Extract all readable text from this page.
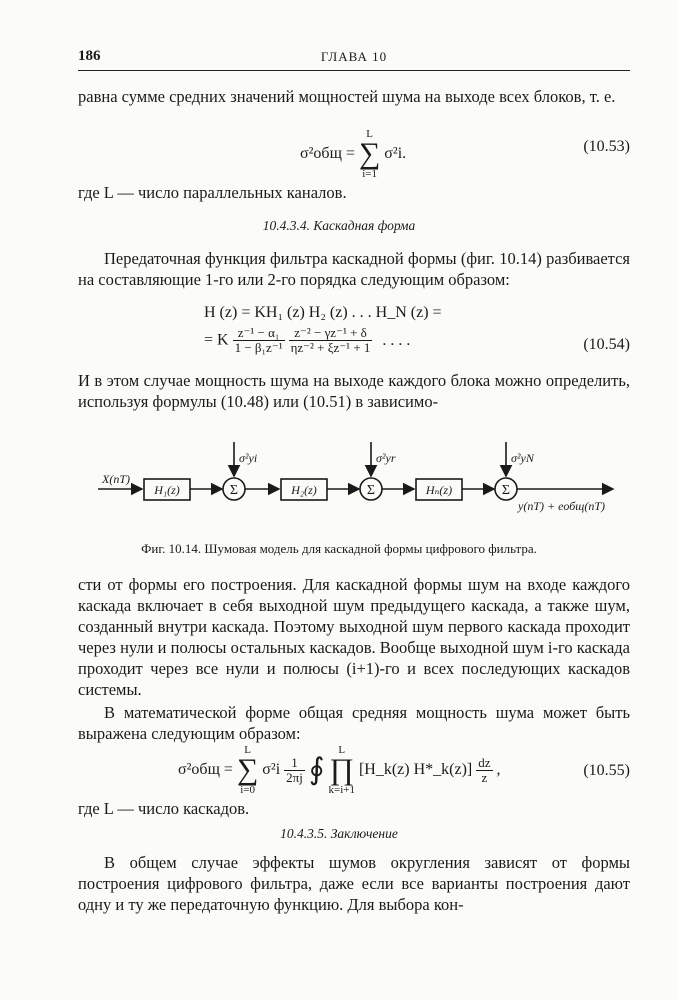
186	ГЛАВА 10

равна сумме средних значений мощностей шума на выходе всех блоков, т. е.

σ²общ =
L
∑
i=1
σ²i.	(10.53)

где L — число параллельных каналов.

10.4.3.4. Каскадная форма

Передаточная функция фильтра каскадной формы (фиг. 10.14) разбивается на составляющие 1-го или 2-го порядка следующим образом:

H (z) = KH₁ (z) H₂ (z) . . . H_N (z) =
= K $\frac{\text{z⁻¹ − α₁}}{\text{1 − β₁z⁻¹}}$
$\frac{\text{z⁻² − γz⁻¹ + δ}}{\text{ηz⁻² + ξz⁻¹ + 1}}$ . . . .	(10.54)

И в этом случае мощность шума на выходе каждого блока можно определить, используя формулы (10.48) или (10.51) в зависимо-

X(nT)
H₁(z)	H₂(z)	Hₙ(z)
Σ	Σ	Σ
σ²yi	σ²yr	σ²yN
y(nT) + eобщ(nT)
Фиг. 10.14. Шумовая модель для каскадной формы цифрового фильтра.

сти от формы его построения. Для каскадной формы шум на входе каждого каскада включает в себя выходной шум предыдущего каскада, а также шум, созданный внутри каскада. Поэтому выходной шум первого каскада проходит через нули и полюсы остальных каскадов. Вообще выходной шум i-го каскада проходит через все нули и полюсы (i+1)-го и всех последующих каскадов системы.

В математической форме общая средняя мощность шума может быть выражена следующим образом:

σ²общ =
L
∑
i=0
$\sigma^2i \frac{1}{2\pi j}$ ∮
L
∏
k=i+1
[H_k(z) H*_k(z)] $\frac{dz}{z}$ ,	(10.55)

где L — число каскадов.

10.4.3.5. Заключение

В общем случае эффекты шумов округления зависят от формы построения цифрового фильтра, даже если все варианты построения дают одну и ту же передаточную функцию. Для выбора кон-
